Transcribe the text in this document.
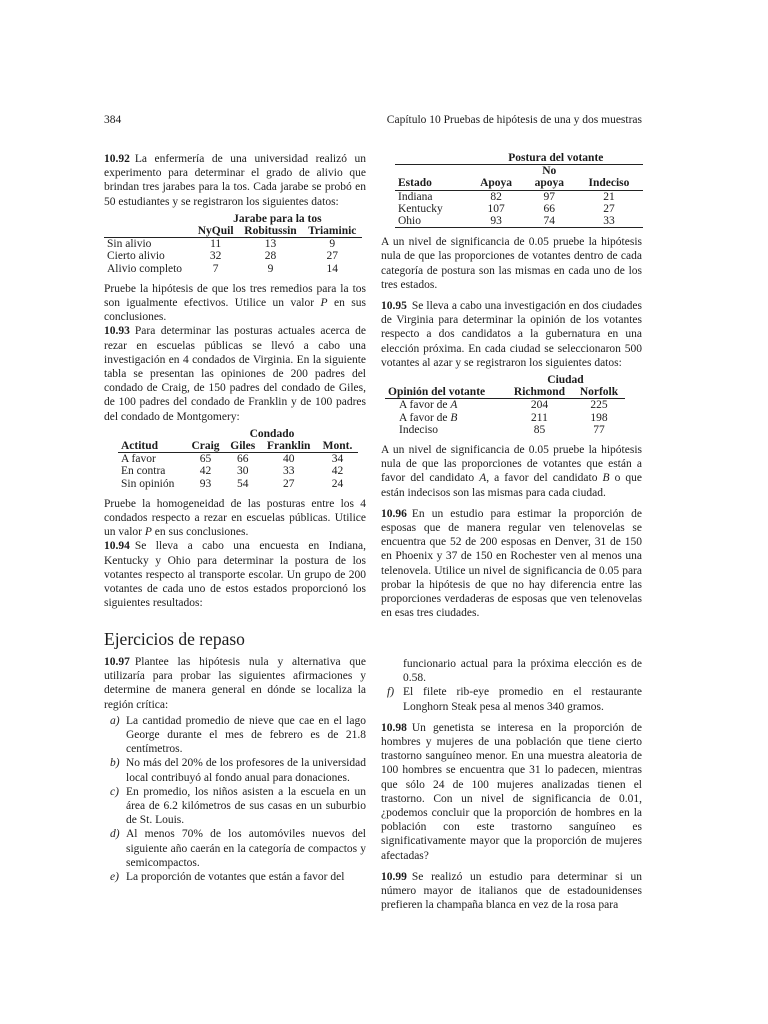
384	Capítulo 10 Pruebas de hipótesis de una y dos muestras

10.92 La enfermería de una universidad realizó un experimento para determinar el grado de alivio que brindan tres jarabes para la tos. Cada jarabe se probó en 50 estudiantes y se registraron los siguientes datos:

	Jarabe para la tos		
	NyQuil	Robitussin	Triaminic
Sin alivio	11	13	9
Cierto alivio	32	28	27
Alivio completo	7	9	14

Pruebe la hipótesis de que los tres remedios para la tos son igualmente efectivos. Utilice un valor P en sus conclusiones.

10.93 Para determinar las posturas actuales acerca de rezar en escuelas públicas se llevó a cabo una investigación en 4 condados de Virginia. En la siguiente tabla se presentan las opiniones de 200 padres del condado de Craig, de 150 padres del condado de Giles, de 100 padres del condado de Franklin y de 100 padres del condado de Montgomery:

	Condado			
Actitud	Craig	Giles	Franklin	Mont.
A favor	65	66	40	34
En contra	42	30	33	42
Sin opinión	93	54	27	24

Pruebe la homogeneidad de las posturas entre los 4 condados respecto a rezar en escuelas públicas. Utilice un valor P en sus conclusiones.

10.94 Se lleva a cabo una encuesta en Indiana, Kentucky y Ohio para determinar la postura de los votantes respecto al transporte escolar. Un grupo de 200 votantes de cada uno de estos estados proporcionó los siguientes resultados:

	Postura del votante		
		No	
Estado	Apoya	apoya	Indeciso
Indiana	82	97	21
Kentucky	107	66	27
Ohio	93	74	33

A un nivel de significancia de 0.05 pruebe la hipótesis nula de que las proporciones de votantes dentro de cada categoría de postura son las mismas en cada uno de los tres estados.

10.95 Se lleva a cabo una investigación en dos ciudades de Virginia para determinar la opinión de los votantes respecto a dos candidatos a la gubernatura en una elección próxima. En cada ciudad se seleccionaron 500 votantes al azar y se registraron los siguientes datos:

	Ciudad	
Opinión del votante	Richmond	Norfolk
A favor de A	204	225
A favor de B	211	198
Indeciso	85	77

A un nivel de significancia de 0.05 pruebe la hipótesis nula de que las proporciones de votantes que están a favor del candidato A, a favor del candidato B o que están indecisos son las mismas para cada ciudad.

10.96 En un estudio para estimar la proporción de esposas que de manera regular ven telenovelas se encuentra que 52 de 200 esposas en Denver, 31 de 150 en Phoenix y 37 de 150 en Rochester ven al menos una telenovela. Utilice un nivel de significancia de 0.05 para probar la hipótesis de que no hay diferencia entre las proporciones verdaderas de esposas que ven telenovelas en esas tres ciudades.

Ejercicios de repaso

10.97 Plantee las hipótesis nula y alternativa que utilizaría para probar las siguientes afirmaciones y determine de manera general en dónde se localiza la región crítica:

a) La cantidad promedio de nieve que cae en el lago George durante el mes de febrero es de 21.8 centímetros.
b) No más del 20% de los profesores de la universidad local contribuyó al fondo anual para donaciones.
c) En promedio, los niños asisten a la escuela en un área de 6.2 kilómetros de sus casas en un suburbio de St. Louis.
d) Al menos 70% de los automóviles nuevos del siguiente año caerán en la categoría de compactos y semicompactos.
e) La proporción de votantes que están a favor del
funcionario actual para la próxima elección es de 0.58.
f) El filete rib-eye promedio en el restaurante Longhorn Steak pesa al menos 340 gramos.

10.98 Un genetista se interesa en la proporción de hombres y mujeres de una población que tiene cierto trastorno sanguíneo menor. En una muestra aleatoria de 100 hombres se encuentra que 31 lo padecen, mientras que sólo 24 de 100 mujeres analizadas tienen el trastorno. Con un nivel de significancia de 0.01, ¿podemos concluir que la proporción de hombres en la población con este trastorno sanguíneo es significativamente mayor que la proporción de mujeres afectadas?

10.99 Se realizó un estudio para determinar si un número mayor de italianos que de estadounidenses prefieren la champaña blanca en vez de la rosa para
